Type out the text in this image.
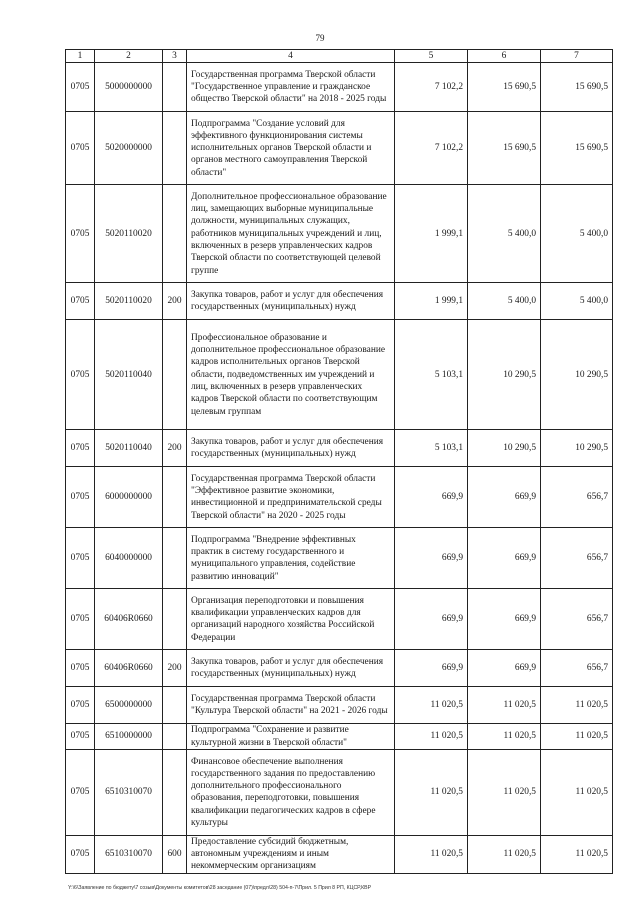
79
1	2	3	4	5	6	7
0705	5000000000		Государственная программа Тверской области "Государственное управление и гражданское общество Тверской области" на 2018 - 2025 годы	7 102,2	15 690,5	15 690,5
0705	5020000000		Подпрограмма "Создание условий для эффективного функционирования системы исполнительных органов Тверской области и органов местного самоуправления Тверской области"	7 102,2	15 690,5	15 690,5
0705	5020110020		Дополнительное профессиональное образование лиц, замещающих выборные муниципальные должности, муниципальных служащих, работников муниципальных учреждений и лиц, включенных в резерв управленческих кадров Тверской области по соответствующей целевой группе	1 999,1	5 400,0	5 400,0
0705	5020110020	200	Закупка товаров, работ и услуг для обеспечения государственных (муниципальных) нужд	1 999,1	5 400,0	5 400,0
0705	5020110040		Профессиональное образование и дополнительное профессиональное образование кадров исполнительных органов Тверской области, подведомственных им учреждений и лиц, включенных в резерв управленческих кадров Тверской области по соответствующим целевым группам	5 103,1	10 290,5	10 290,5
0705	5020110040	200	Закупка товаров, работ и услуг для обеспечения государственных (муниципальных) нужд	5 103,1	10 290,5	10 290,5
0705	6000000000		Государственная программа Тверской области "Эффективное развитие экономики, инвестиционной и предпринимательской среды Тверской области" на 2020 - 2025 годы	669,9	669,9	656,7
0705	6040000000		Подпрограмма "Внедрение эффективных практик в систему государственного и муниципального управления, содействие развитию инноваций"	669,9	669,9	656,7
0705	60406R0660		Организация переподготовки и повышения квалификации управленческих кадров для организаций народного хозяйства Российской Федерации	669,9	669,9	656,7
0705	60406R0660	200	Закупка товаров, работ и услуг для обеспечения государственных (муниципальных) нужд	669,9	669,9	656,7
0705	6500000000		Государственная программа Тверской области "Культура Тверской области" на 2021 - 2026 годы	11 020,5	11 020,5	11 020,5
0705	6510000000		Подпрограмма "Сохранение и развитие культурной жизни в Тверской области"	11 020,5	11 020,5	11 020,5
0705	6510310070		Финансовое обеспечение выполнения государственного задания по предоставлению дополнительного профессионального образования, переподготовки, повышения квалификации педагогических кадров в сфере культуры	11 020,5	11 020,5	11 020,5
0705	6510310070	600	Предоставление субсидий бюджетным, автономным учреждениям и иным некоммерческим организациям	11 020,5	11 020,5	11 020,5
Y:\6\Заявление по бюджету\7 созыв\Документы комитетов\28 заседание (07)\предл\28) 504-п-7\Прил. 5 Прил 8 РП, КЦСР,КВР
